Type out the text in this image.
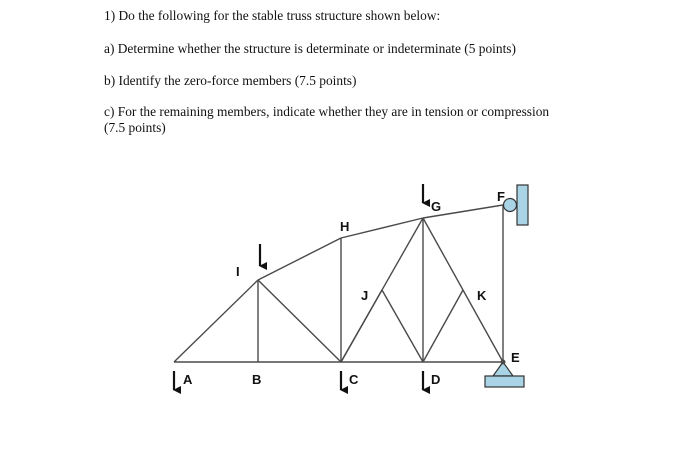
1) Do the following for the stable truss structure shown below:

a) Determine whether the structure is determinate or indeterminate (5 points)

b) Identify the zero-force members (7.5 points)

c) For the remaining members, indicate whether they are in tension or compression

(7.5 points)

A	B	C	D
E
F
G
H
I
J	K
